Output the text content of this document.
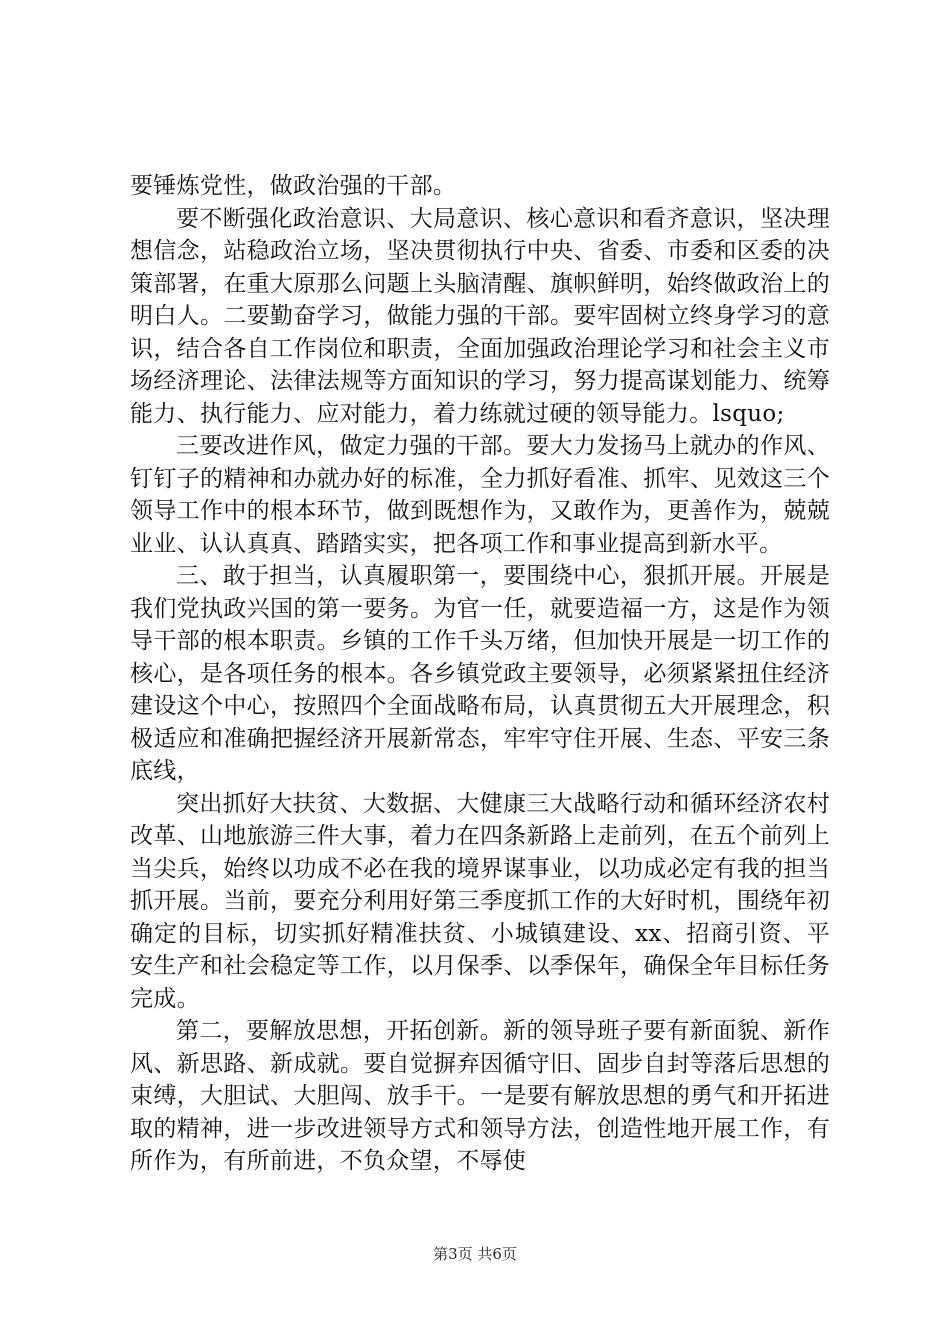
要锤炼党性，做政治强的干部。

要不断强化政治意识、大局意识、核心意识和看齐意识，坚决理想信念，站稳政治立场，坚决贯彻执行中央、省委、市委和区委的决策部署，在重大原那么问题上头脑清醒、旗帜鲜明，始终做政治上的明白人。二要勤奋学习，做能力强的干部。要牢固树立终身学习的意识，结合各自工作岗位和职责，全面加强政治理论学习和社会主义市场经济理论、法律法规等方面知识的学习，努力提高谋划能力、统筹能力、执行能力、应对能力，着力练就过硬的领导能力。lsquo;

三要改进作风，做定力强的干部。要大力发扬马上就办的作风、钉钉子的精神和办就办好的标准，全力抓好看准、抓牢、见效这三个领导工作中的根本环节，做到既想作为，又敢作为，更善作为，兢兢业业、认认真真、踏踏实实，把各项工作和事业提高到新水平。

三、敢于担当，认真履职第一，要围绕中心，狠抓开展。开展是我们党执政兴国的第一要务。为官一任，就要造福一方，这是作为领导干部的根本职责。乡镇的工作千头万绪，但加快开展是一切工作的核心，是各项任务的根本。各乡镇党政主要领导，必须紧紧扭住经济建设这个中心，按照四个全面战略布局，认真贯彻五大开展理念，积极适应和准确把握经济开展新常态，牢牢守住开展、生态、平安三条底线，

突出抓好大扶贫、大数据、大健康三大战略行动和循环经济农村改革、山地旅游三件大事，着力在四条新路上走前列，在五个前列上当尖兵，始终以功成不必在我的境界谋事业，以功成必定有我的担当抓开展。当前，要充分利用好第三季度抓工作的大好时机，围绕年初确定的目标，切实抓好精准扶贫、小城镇建设、xx、招商引资、平安生产和社会稳定等工作，以月保季、以季保年，确保全年目标任务完成。

第二，要解放思想，开拓创新。新的领导班子要有新面貌、新作风、新思路、新成就。要自觉摒弃因循守旧、固步自封等落后思想的束缚，大胆试、大胆闯、放手干。一是要有解放思想的勇气和开拓进取的精神，进一步改进领导方式和领导方法，创造性地开展工作，有所作为，有所前进，不负众望，不辱使

第3页 共6页
